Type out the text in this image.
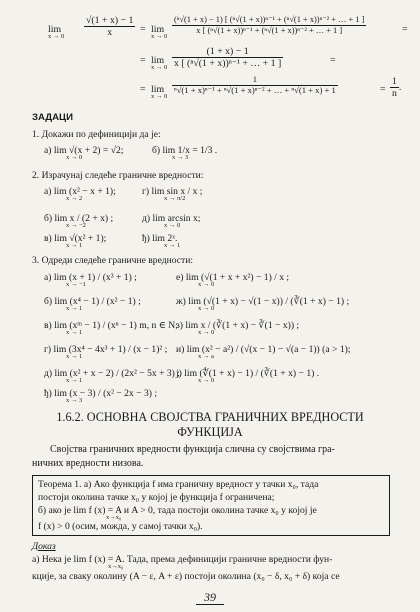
lim
$x \to 0 \frac{√(1 + x) - 1}{x} = \lim$
x → 0
$\frac{\text{(ⁿ√(1 + x) − 1) [ (ⁿ√(1 + x))ⁿ⁻¹ + (ⁿ√(1 + x))ⁿ⁻² + … + 1 ]}}{\text{x [ (ⁿ√(1 + x))ⁿ⁻¹ + (ⁿ√(1 + x))ⁿ⁻² + … + 1 ]}}$	=
= lim
$x \to 0 \frac{(1 + x) - 1}{\text{x [ (ⁿ√(1 + x))ⁿ⁻¹ + … + 1 ]}}$	=
= lim
x → 0
$\frac{1}{\text{ⁿ√(1 + x)ⁿ⁻¹ + ⁿ√(1 + x)ⁿ⁻² + … + ⁿ√(1 + x) + 1}}$	= $\frac{1}{n}$ .
ЗАДАЦИ
1. Докажи по дефиницији да је:
а) lim √(x + 2) = √2;
x → 0
б) lim 1/x = 1/3 .
x → 3
2. Израчунај следеће граничне вредности:
а) lim (x² − x + 1);
x → 2
г) lim sin x / x ;
x → π/2
б) lim x / (2 + x) ;
x → −2
д) lim arcsin x;
x → 0
в) lim √(x² + 1);
x → 1
ђ) lim 2ˣ.
x → 1
3. Одреди следеће граничне вредности:
а) lim (x + 1) / (x³ + 1) ;
x → −1
е) lim (√(1 + x + x²) − 1) / x ;
x → 0
б) lim (x⁴ − 1) / (x² − 1) ;
x → 1
ж) lim (√(1 + x) − √(1 − x)) / (∛(1 + x) − 1) ;
x → 0
в) lim (xᵐ − 1) / (xⁿ − 1) m, n ∈ N;
x → 1
з) lim x / (∛(1 + x) − ∛(1 − x)) ;
x → 0
г) lim (3x⁴ − 4x³ + 1) / (x − 1)² ;
x → 1
и) lim (x² − a²) / (√(x − 1) − √(a − 1)) (a > 1);
x → a
д) lim (x² + x − 2) / (2x² − 5x + 3) ;
x → 1
ј) lim (∜(1 + x) − 1) / (∛(1 + x) − 1) .
x → 0
ђ) lim (x − 3) / (x² − 2x − 3) ;
x → 3
1.6.2. ОСНОВНА СВОЈСТВА ГРАНИЧНИХ ВРЕДНОСТИ
ФУНКЦИЈА
Својства граничних вредности функција слична су својствима гра-
ничних вредности низова.
Теорема 1. а) Ако функција f има граничну вредност у тачки x₀, тада
постоји околина тачке x₀ у којој је функција f ограничена;
б) ако је lim f (x) = A и A > 0, тада постоји околина тачке x₀ у којој је
x→x₀
f (x) > 0 (осим, можда, у самој тачки x₀).
Доказ
а) Нека је lim f (x) = A. Тада, према дефиницији граничне вредности фун-
x→x₀
кције, за сваку околину (A − ε, A + ε) постоји околина (x₀ − δ, x₀ + δ) која се
39
